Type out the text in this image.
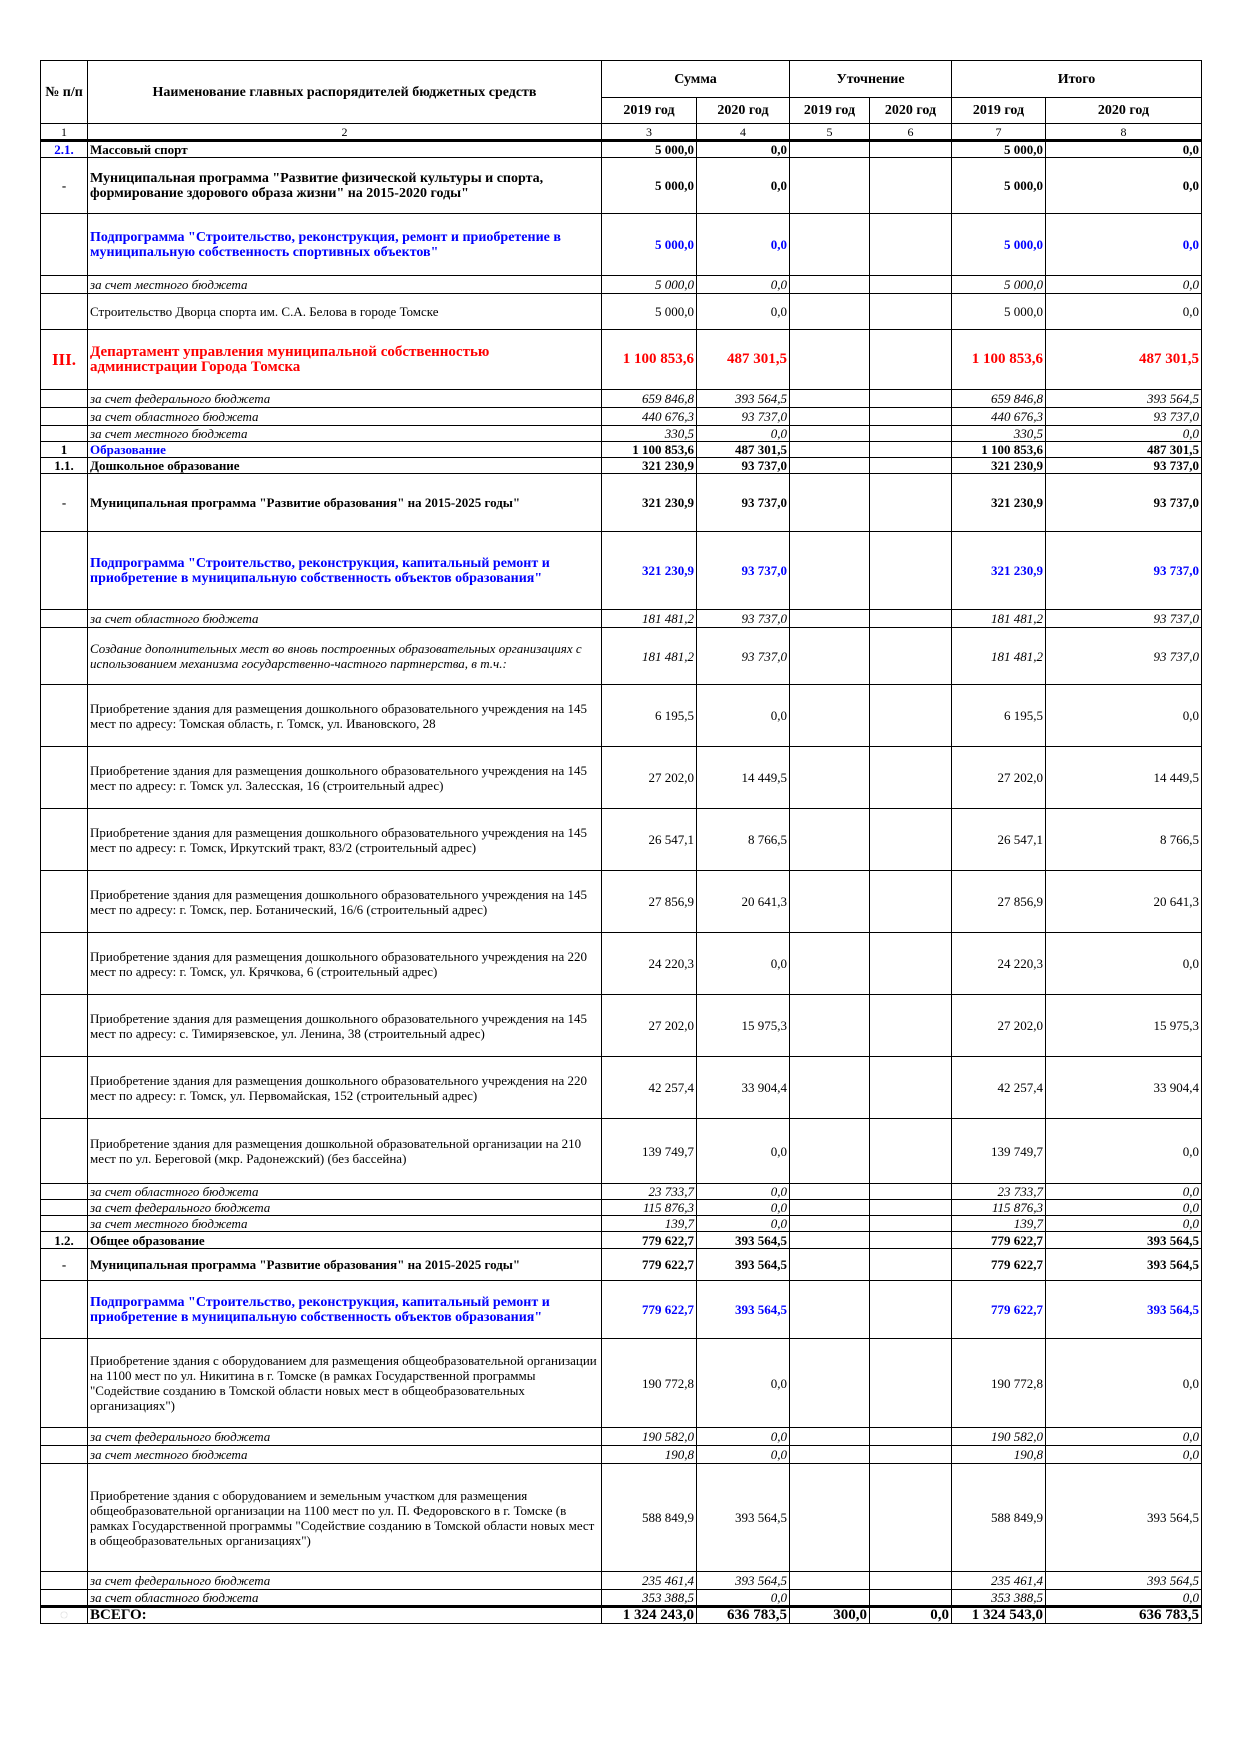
№ п/п	Наименование главных распорядителей бюджетных средств	Сумма		Уточнение		Итого	
		2019 год	2020 год	2019 год	2020 год	2019 год	2020 год
1	2	3	4	5	6	7	8
2.1.	Массовый спорт	5 000,0	0,0			5 000,0	0,0
-	Муниципальная программа "Развитие физической культуры и спорта, формирование здорового образа жизни" на 2015-2020 годы"	5 000,0	0,0			5 000,0	0,0
	Подпрограмма "Строительство, реконструкция, ремонт и приобретение в муниципальную собственность спортивных объектов"	5 000,0	0,0			5 000,0	0,0
	за счет местного бюджета	5 000,0	0,0			5 000,0	0,0
	Строительство Дворца спорта им. С.А. Белова в городе Томске	5 000,0	0,0			5 000,0	0,0
III.	Департамент управления муниципальной собственностью администрации Города Томска	1 100 853,6	487 301,5			1 100 853,6	487 301,5
	за счет федерального бюджета	659 846,8	393 564,5			659 846,8	393 564,5
	за счет областного бюджета	440 676,3	93 737,0			440 676,3	93 737,0
	за счет местного бюджета	330,5	0,0			330,5	0,0
1	Образование	1 100 853,6	487 301,5			1 100 853,6	487 301,5
1.1.	Дошкольное образование	321 230,9	93 737,0			321 230,9	93 737,0
-	Муниципальная программа "Развитие образования" на 2015-2025 годы"	321 230,9	93 737,0			321 230,9	93 737,0
	Подпрограмма "Строительство, реконструкция, капитальный ремонт и приобретение в муниципальную собственность объектов образования"	321 230,9	93 737,0			321 230,9	93 737,0
	за счет областного бюджета	181 481,2	93 737,0			181 481,2	93 737,0
	Создание дополнительных мест во вновь построенных образовательных организациях с использованием механизма государственно-частного партнерства, в т.ч.:	181 481,2	93 737,0			181 481,2	93 737,0
	Приобретение здания для размещения дошкольного образовательного учреждения на 145 мест по адресу: Томская область, г. Томск, ул. Ивановского, 28	6 195,5	0,0			6 195,5	0,0
	Приобретение здания для размещения дошкольного образовательного учреждения на 145 мест по адресу: г. Томск ул. Залесская, 16 (строительный адрес)	27 202,0	14 449,5			27 202,0	14 449,5
	Приобретение здания для размещения дошкольного образовательного учреждения на 145 мест по адресу: г. Томск, Иркутский тракт, 83/2 (строительный адрес)	26 547,1	8 766,5			26 547,1	8 766,5
	Приобретение здания для размещения дошкольного образовательного учреждения на 145 мест по адресу: г. Томск, пер. Ботанический, 16/6 (строительный адрес)	27 856,9	20 641,3			27 856,9	20 641,3
	Приобретение здания для размещения дошкольного образовательного учреждения на 220 мест по адресу: г. Томск, ул. Крячкова, 6 (строительный адрес)	24 220,3	0,0			24 220,3	0,0
	Приобретение здания для размещения дошкольного образовательного учреждения на 145 мест по адресу: с. Тимирязевское, ул. Ленина, 38 (строительный адрес)	27 202,0	15 975,3			27 202,0	15 975,3
	Приобретение здания для размещения дошкольного образовательного учреждения на 220 мест по адресу: г. Томск, ул. Первомайская, 152 (строительный адрес)	42 257,4	33 904,4			42 257,4	33 904,4
	Приобретение здания для размещения дошкольной образовательной организации на 210 мест по ул. Береговой (мкр. Радонежский) (без бассейна)	139 749,7	0,0			139 749,7	0,0
	за счет областного бюджета	23 733,7	0,0			23 733,7	0,0
	за счет федерального бюджета	115 876,3	0,0			115 876,3	0,0
	за счет местного бюджета	139,7	0,0			139,7	0,0
1.2.	Общее образование	779 622,7	393 564,5			779 622,7	393 564,5
-	Муниципальная программа "Развитие образования" на 2015-2025 годы"	779 622,7	393 564,5			779 622,7	393 564,5
	Подпрограмма "Строительство, реконструкция, капитальный ремонт и приобретение в муниципальную собственность объектов образования"	779 622,7	393 564,5			779 622,7	393 564,5
	Приобретение здания с оборудованием для размещения общеобразовательной организации на 1100 мест по ул. Никитина в г. Томске (в рамках Государственной программы "Содействие созданию в Томской области новых мест в общеобразовательных организациях")	190 772,8	0,0			190 772,8	0,0
	за счет федерального бюджета	190 582,0	0,0			190 582,0	0,0
	за счет местного бюджета	190,8	0,0			190,8	0,0
	Приобретение здания с оборудованием и земельным участком для размещения общеобразовательной организации на 1100 мест по ул. П. Федоровского в г. Томске (в рамках Государственной программы "Содействие созданию в Томской области новых мест в общеобразовательных организациях")	588 849,9	393 564,5			588 849,9	393 564,5
	за счет федерального бюджета	235 461,4	393 564,5			235 461,4	393 564,5
	за счет областного бюджета	353 388,5	0,0			353 388,5	0,0
◌	ВСЕГО:	1 324 243,0	636 783,5	300,0	0,0	1 324 543,0	636 783,5
